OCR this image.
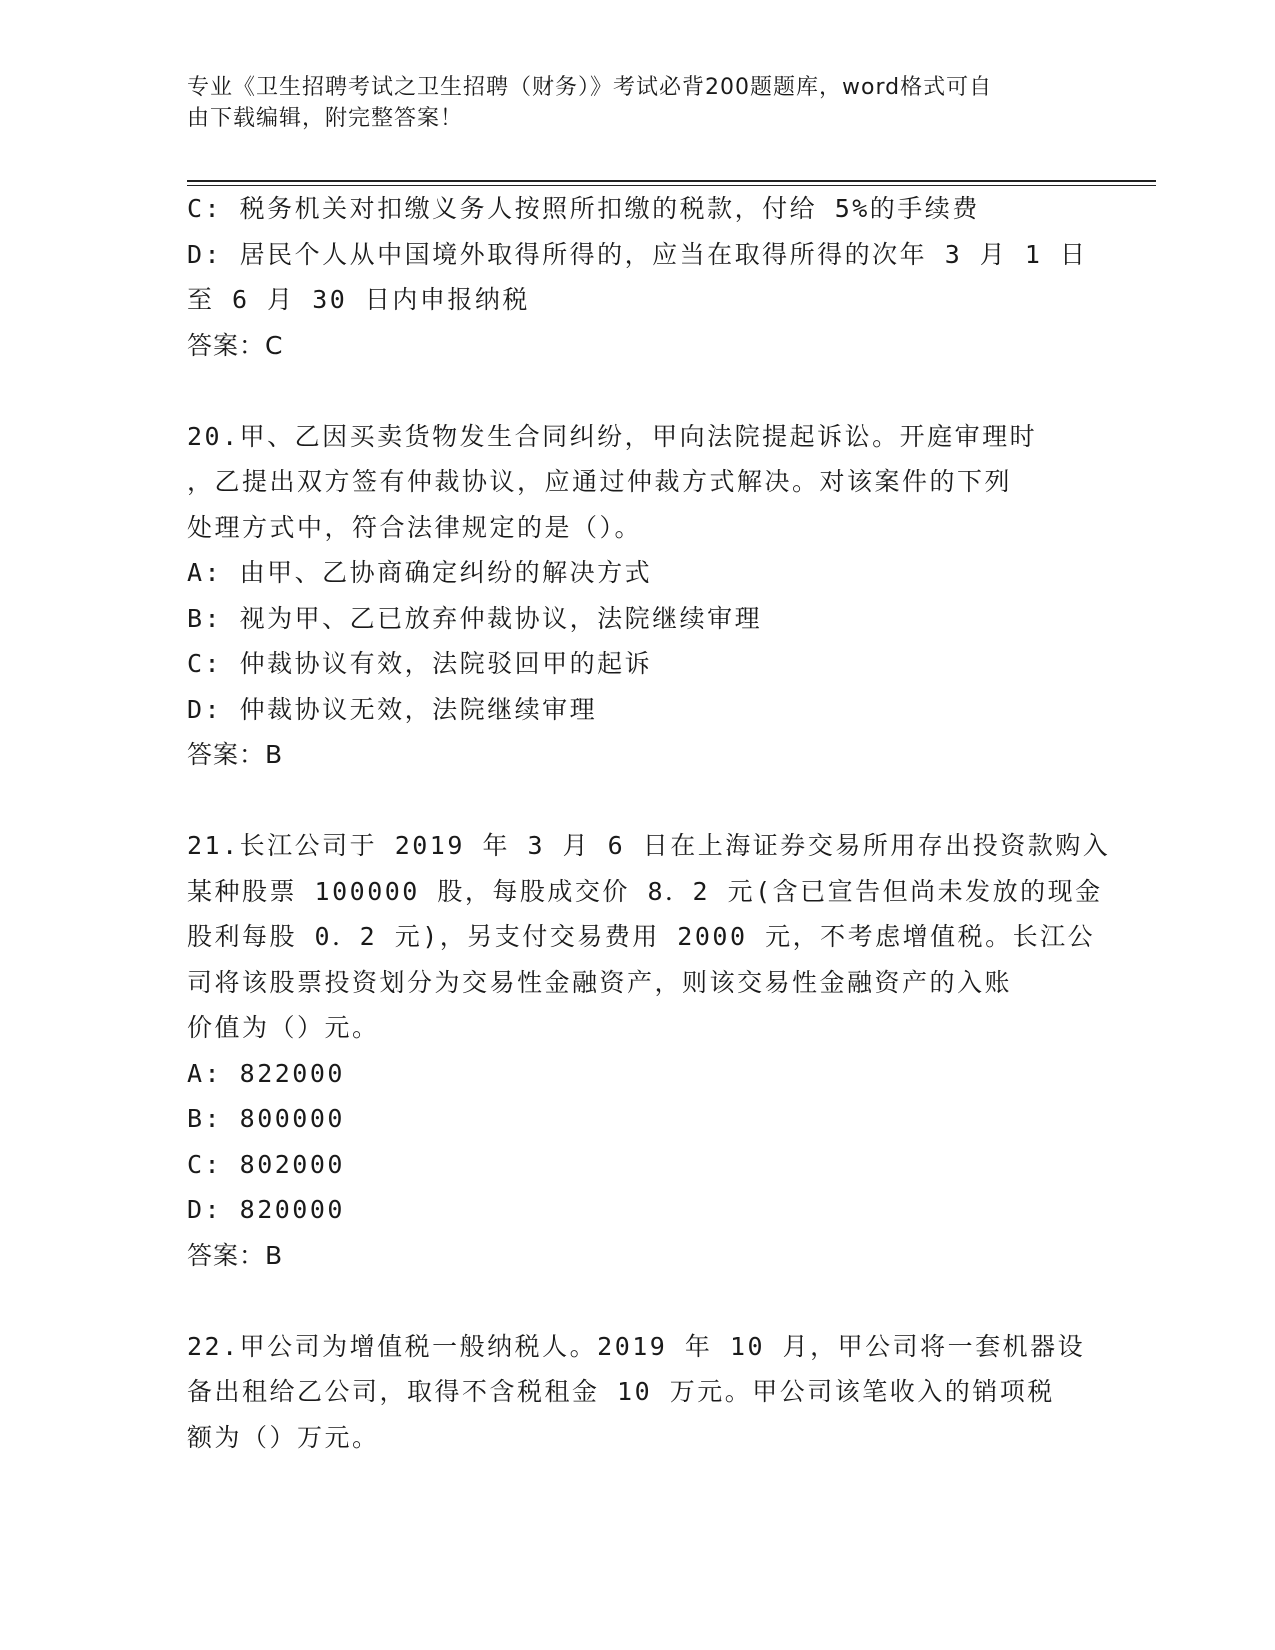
专业《卫生招聘考试之卫生招聘（财务）》考试必背200题题库，word格式可自
由下载编辑，附完整答案！
C: 税务机关对扣缴义务人按照所扣缴的税款，付给 5%的手续费
D: 居民个人从中国境外取得所得的，应当在取得所得的次年 3 月 1 日
至 6 月 30 日内申报纳税
答案：C
20.甲、乙因买卖货物发生合同纠纷，甲向法院提起诉讼。开庭审理时
，乙提出双方签有仲裁协议，应通过仲裁方式解决。对该案件的下列
处理方式中，符合法律规定的是（）。
A: 由甲、乙协商确定纠纷的解决方式
B: 视为甲、乙已放弃仲裁协议，法院继续审理
C: 仲裁协议有效，法院驳回甲的起诉
D: 仲裁协议无效，法院继续审理
答案：B
21.长江公司于 2019 年 3 月 6 日在上海证券交易所用存出投资款购入
某种股票 100000 股，每股成交价 8．2 元(含已宣告但尚未发放的现金
股利每股 0．2 元)，另支付交易费用 2000 元，不考虑增值税。长江公
司将该股票投资划分为交易性金融资产，则该交易性金融资产的入账
价值为（）元。
A: 822000
B: 800000
C: 802000
D: 820000
答案：B
22.甲公司为增值税一般纳税人。2019 年 10 月，甲公司将一套机器设
备出租给乙公司，取得不含税租金 10 万元。甲公司该笔收入的销项税
额为（）万元。
